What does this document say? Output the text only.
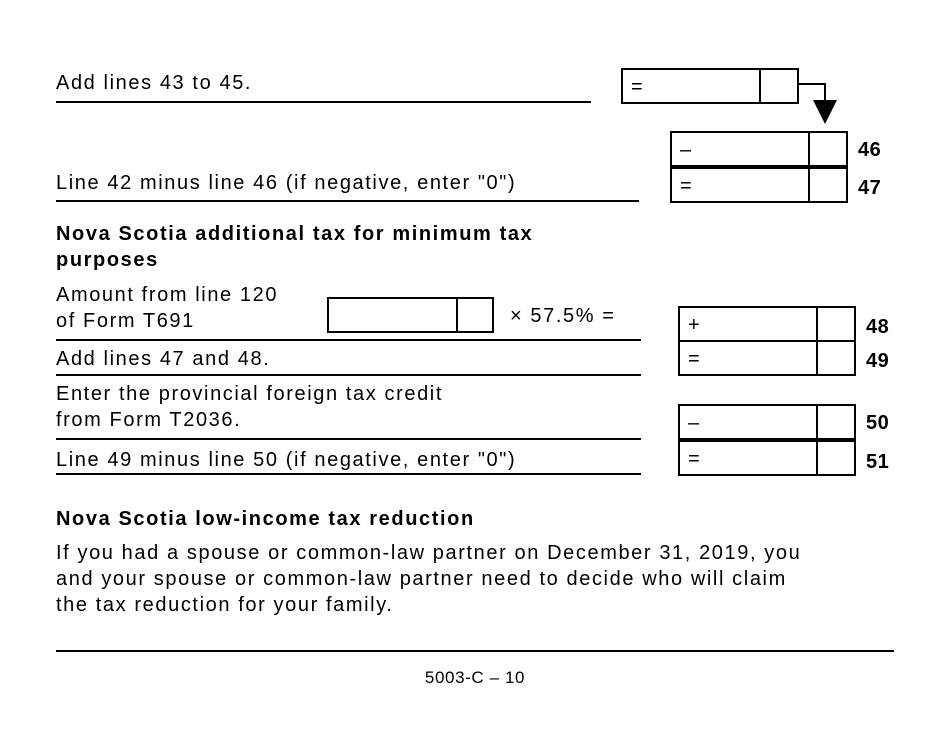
Add lines 43 to 45.	=
–	46
Line 42 minus line 46 (if negative, enter "0")	=	47
Nova Scotia additional tax for minimum tax
purposes
Amount from line 120
of Form T691	× 57.5% =	+	48
Add lines 47 and 48.	=	49
Enter the provincial foreign tax credit
from Form T2036.	–	50
Line 49 minus line 50 (if negative, enter "0")	=	51
Nova Scotia low-income tax reduction
If you had a spouse or common-law partner on December 31, 2019, you
and your spouse or common-law partner need to decide who will claim
the tax reduction for your family.
5003-C – 10
